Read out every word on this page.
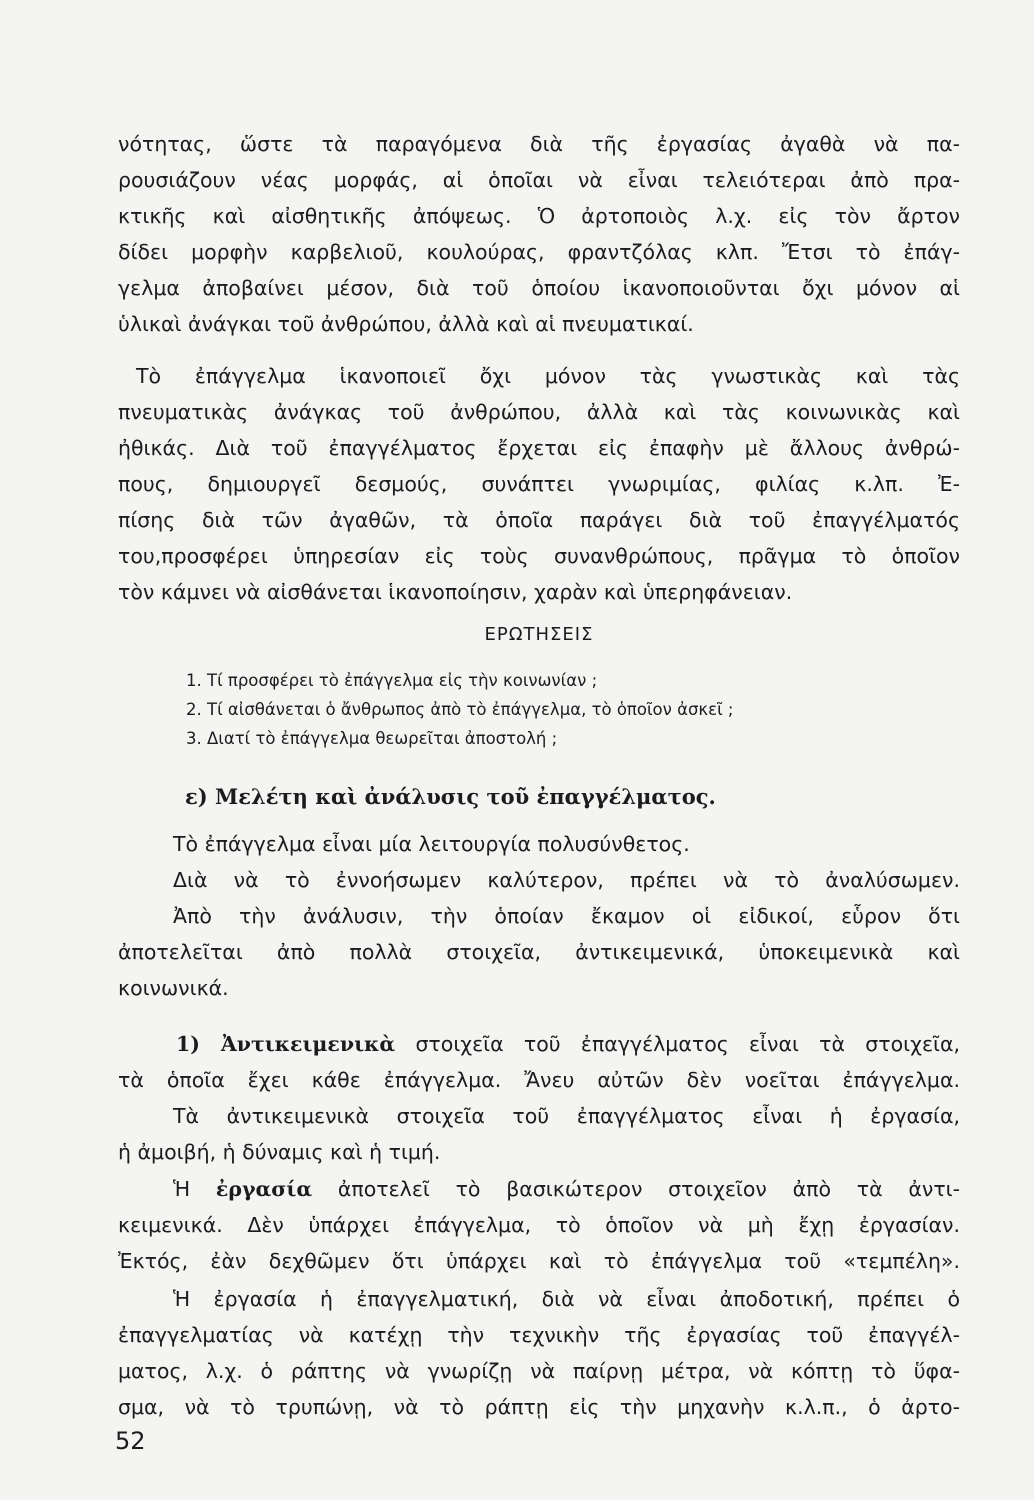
νότητας, ὥστε τὰ παραγόμενα διὰ τῆς ἐργασίας ἀγαθὰ νὰ πα-
ρουσιάζουν νέας μορφάς, αἱ ὁποῖαι νὰ εἶναι τελειότεραι ἀπὸ πρα-
κτικῆς καὶ αἰσθητικῆς ἀπόψεως. Ὁ ἀρτοποιὸς λ.χ. εἰς τὸν ἄρτον
δίδει μορφὴν καρβελιοῦ, κουλούρας, φραντζόλας κλπ. Ἔτσι τὸ ἐπάγ-
γελμα ἀποβαίνει μέσον, διὰ τοῦ ὁποίου ἱκανοποιοῦνται ὄχι μόνον αἱ
ὑλικαὶ ἀνάγκαι τοῦ ἀνθρώπου, ἀλλὰ καὶ αἱ πνευματικαί.
Τὸ ἐπάγγελμα ἱκανοποιεῖ ὄχι μόνον τὰς γνωστικὰς καὶ τὰς
πνευματικὰς ἀνάγκας τοῦ ἀνθρώπου, ἀλλὰ καὶ τὰς κοινωνικὰς καὶ
ἠθικάς. Διὰ τοῦ ἐπαγγέλματος ἔρχεται εἰς ἐπαφὴν μὲ ἄλλους ἀνθρώ-
πους, δημιουργεῖ δεσμούς, συνάπτει γνωριμίας, φιλίας κ.λπ. Ἐ-
πίσης διὰ τῶν ἀγαθῶν, τὰ ὁποῖα παράγει διὰ τοῦ ἐπαγγέλματός
του,προσφέρει ὑπηρεσίαν εἰς τοὺς συνανθρώπους, πρᾶγμα τὸ ὁποῖον
τὸν κάμνει νὰ αἰσθάνεται ἱκανοποίησιν, χαρὰν καὶ ὑπερηφάνειαν.
ΕΡΩΤΗΣΕΙΣ
1. Τί προσφέρει τὸ ἐπάγγελμα εἰς τὴν κοινωνίαν ;
2. Τί αἰσθάνεται ὁ ἄνθρωπος ἀπὸ τὸ ἐπάγγελμα, τὸ ὁποῖον ἀσκεῖ ;
3. Διατί τὸ ἐπάγγελμα θεωρεῖται ἀποστολή ;
ε) Μελέτη καὶ ἀνάλυσις τοῦ ἐπαγγέλματος.
Τὸ ἐπάγγελμα εἶναι μία λειτουργία πολυσύνθετος.
Διὰ νὰ τὸ ἐννοήσωμεν καλύτερον, πρέπει νὰ τὸ ἀναλύσωμεν.
Ἀπὸ τὴν ἀνάλυσιν, τὴν ὁποίαν ἔκαμον οἱ εἰδικοί, εὗρον ὅτι
ἀποτελεῖται ἀπὸ πολλὰ στοιχεῖα, ἀντικειμενικά, ὑποκειμενικὰ καὶ
κοινωνικά.
1) Ἀντικειμενικὰ στοιχεῖα τοῦ ἐπαγγέλματος εἶναι τὰ στοιχεῖα,
τὰ ὁποῖα ἔχει κάθε ἐπάγγελμα. Ἄνευ αὐτῶν δὲν νοεῖται ἐπάγγελμα.
Τὰ ἀντικειμενικὰ στοιχεῖα τοῦ ἐπαγγέλματος εἶναι ἡ ἐργασία,
ἡ ἀμοιβή, ἡ δύναμις καὶ ἡ τιμή.
Ἡ ἐργασία ἀποτελεῖ τὸ βασικώτερον στοιχεῖον ἀπὸ τὰ ἀντι-
κειμενικά. Δὲν ὑπάρχει ἐπάγγελμα, τὸ ὁποῖον νὰ μὴ ἔχῃ ἐργασίαν.
Ἐκτός, ἐὰν δεχθῶμεν ὅτι ὑπάρχει καὶ τὸ ἐπάγγελμα τοῦ «τεμπέλη».
Ἡ ἐργασία ἡ ἐπαγγελματική, διὰ νὰ εἶναι ἀποδοτική, πρέπει ὁ
ἐπαγγελματίας νὰ κατέχῃ τὴν τεχνικὴν τῆς ἐργασίας τοῦ ἐπαγγέλ-
ματος, λ.χ. ὁ ράπτης νὰ γνωρίζῃ νὰ παίρνῃ μέτρα, νὰ κόπτῃ τὸ ὕφα-
σμα, νὰ τὸ τρυπώνῃ, νὰ τὸ ράπτῃ εἰς τὴν μηχανὴν κ.λ.π., ὁ ἀρτο-
52
